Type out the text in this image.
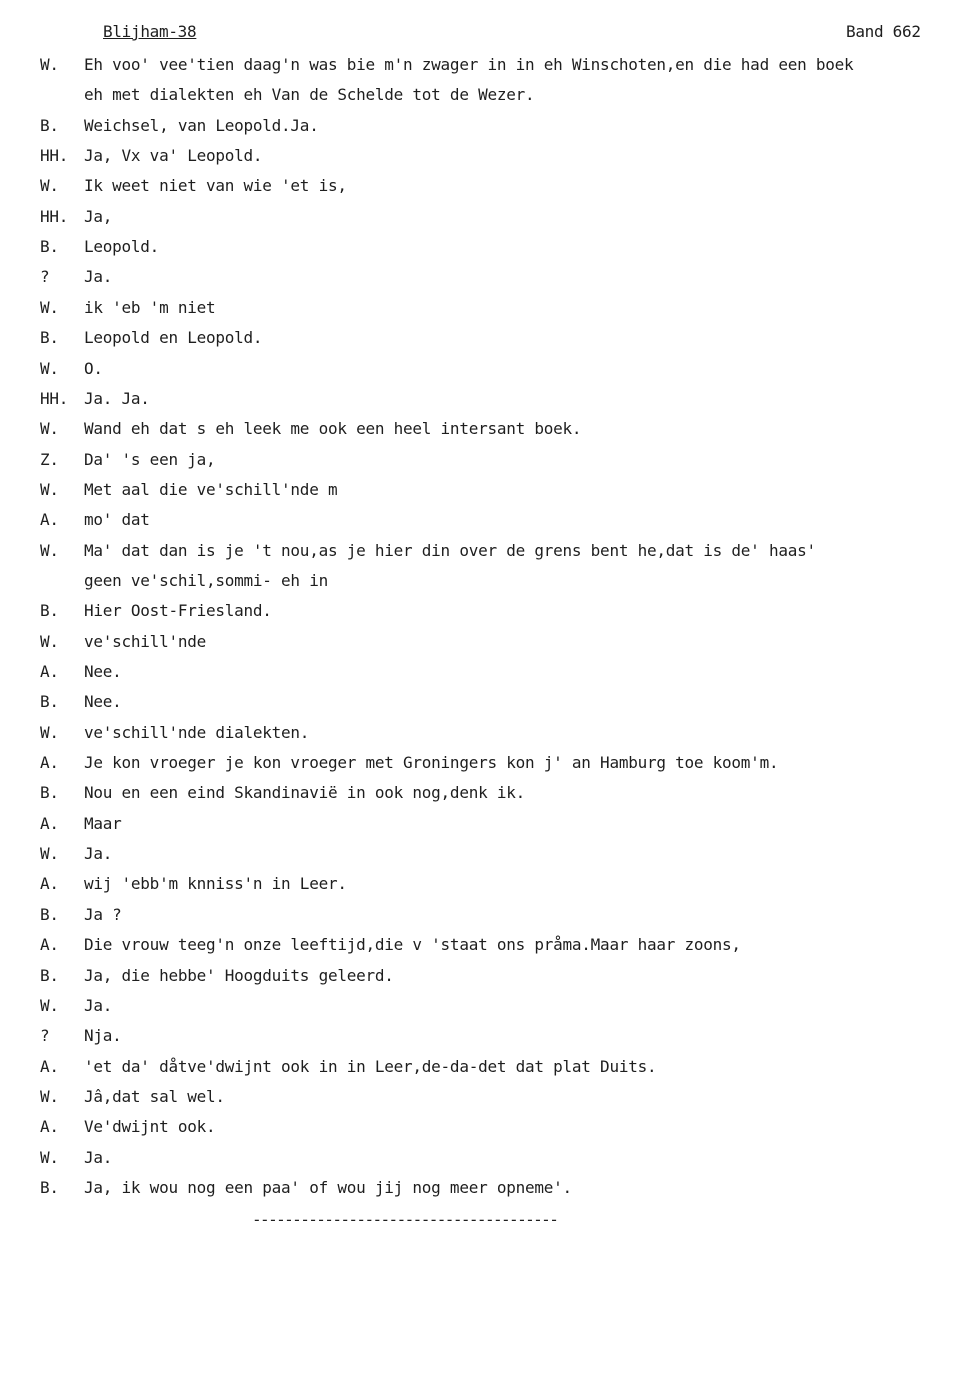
Blijham-38	Band 662
W. Eh voo' vee'tien daag'n was bie m'n zwager in in eh Winschoten,en die had een boek
eh met dialekten eh Van de Schelde tot de Wezer.
B. Weichsel, van Leopold.Ja.
HH. Ja, Vx va' Leopold.
W. Ik weet niet van wie 'et is,
HH. Ja,
B. Leopold.
? Ja.
W. ik 'eb 'm niet
B. Leopold en Leopold.
W. O.
HH. Ja. Ja.
W. Wand eh dat s eh leek me ook een heel intersant boek.
Z. Da' 's een ja,
W. Met aal die ve'schill'nde m
A. mo' dat
W. Ma' dat dan is je 't nou,as je hier din over de grens bent he,dat is de' haas'
geen ve'schil,sommi- eh in
B. Hier Oost-Friesland.
W. ve'schill'nde
A. Nee.
B. Nee.
W. ve'schill'nde dialekten.
A. Je kon vroeger je kon vroeger met Groningers kon j' an Hamburg toe koom'm.
B. Nou en een eind Skandinavië in ook nog,denk ik.
A. Maar
W. Ja.
A. wij 'ebb'm knniss'n in Leer.
B. Ja ?
A. Die vrouw teeg'n onze leeftijd,die v 'staat ons pråma.Maar haar zoons,
B. Ja, die hebbe' Hoogduits geleerd.
W. Ja.
? Nja.
A. 'et da' dåtve'dwijnt ook in in Leer,de-da-det dat plat Duits.
W. Jâ,dat sal wel.
A. Ve'dwijnt ook.
W. Ja.
B. Ja, ik wou nog een paa' of wou jij nog meer opneme'.
--------------------------------------
